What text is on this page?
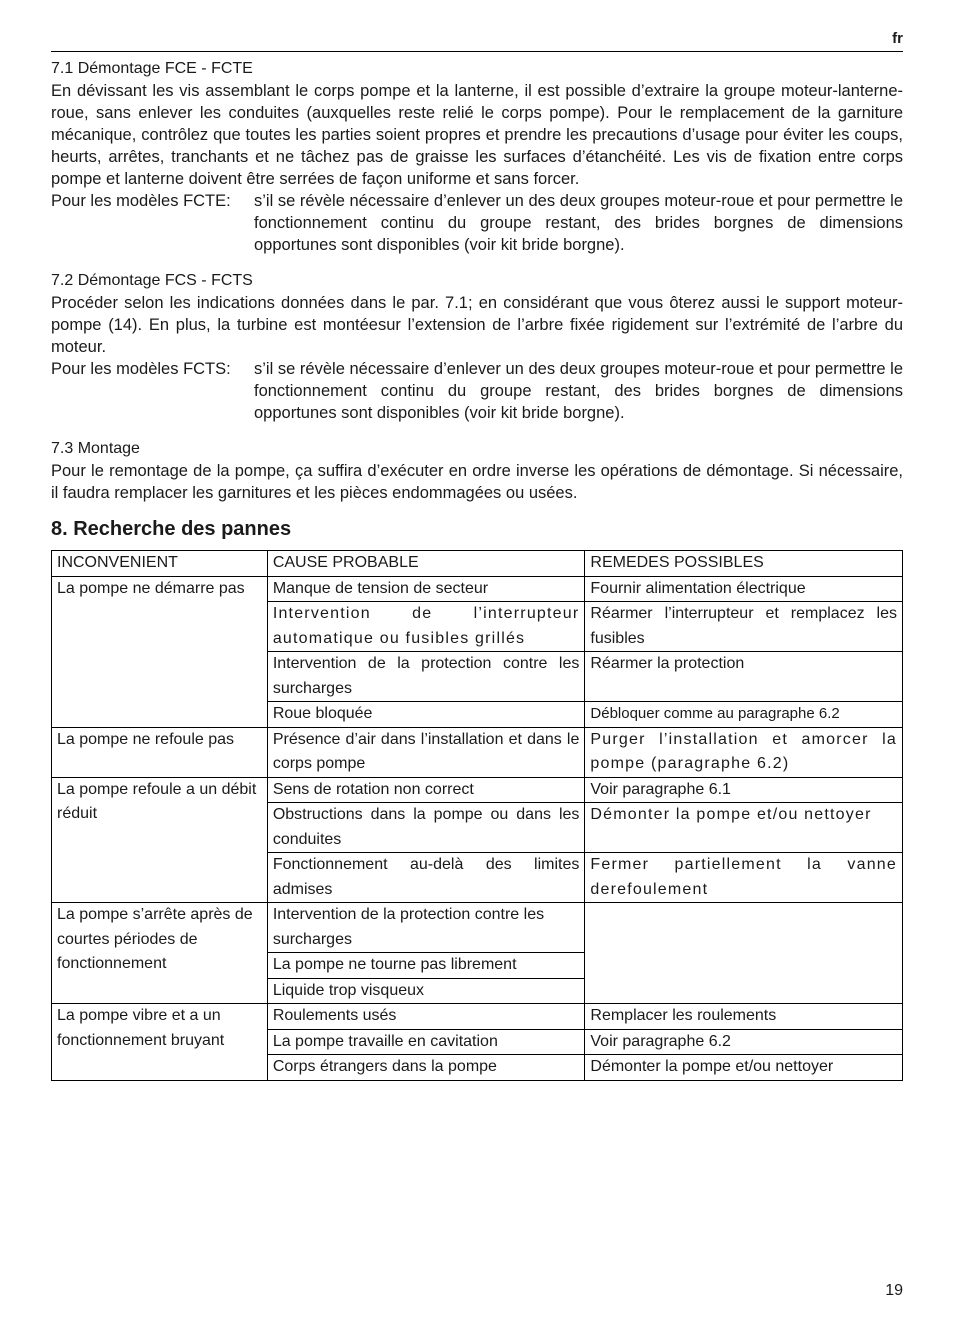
fr
7.1 Démontage FCE - FCTE

En dévissant les vis assemblant le corps pompe et la lanterne, il est possible d’extraire la groupe moteur-lanterne-roue, sans enlever les conduites (auxquelles reste relié le corps pompe). Pour le remplacement de la garniture mécanique, contrôlez que toutes les parties soient propres et prendre les precautions d’usage pour éviter les coups, heurts, arrêtes, tranchants et ne tâchez pas de graisse les surfaces d’étanchéité. Les vis de fixation entre corps pompe et lanterne doivent être serrées de façon uniforme et sans forcer.

Pour les modèles FCTE:	s’il se révèle nécessaire d’enlever un des deux groupes moteur-roue et pour permettre le fonctionnement continu du groupe restant, des brides borgnes de dimensions opportunes sont disponibles (voir kit bride borgne).
7.2 Démontage FCS - FCTS

Procéder selon les indications données dans le par. 7.1; en considérant que vous ôterez aussi le support moteur-pompe (14). En plus, la turbine est montéesur l’extension de l’arbre fixée rigidement sur l’extrémité de l’arbre du moteur.

Pour les modèles FCTS:	s’il se révèle nécessaire d’enlever un des deux groupes moteur-roue et pour permettre le fonctionnement continu du groupe restant, des brides borgnes de dimensions opportunes sont disponibles (voir kit bride borgne).
7.3 Montage

Pour le remontage de la pompe, ça suffira d’exécuter en ordre inverse les opérations de démontage. Si nécessaire, il faudra remplacer les garnitures et les pièces endommagées ou usées.

8. Recherche des pannes
INCONVENIENT	CAUSE PROBABLE	REMEDES POSSIBLES
La pompe ne démarre pas	Manque de tension de secteur	Fournir alimentation électrique
	Intervention de l’interrupteur automatique ou fusibles grillés	Réarmer l’interrupteur et remplacez les fusibles
	Intervention de la protection contre les surcharges	Réarmer la protection
	Roue bloquée	Débloquer comme au paragraphe 6.2
La pompe ne refoule pas	Présence d’air dans l’installation et dans le corps pompe	Purger l’installation et amorcer la pompe (paragraphe 6.2)
La pompe refoule a un débit réduit	Sens de rotation non correct	Voir paragraphe 6.1
	Obstructions dans la pompe ou dans les conduites	Démonter la pompe et/ou nettoyer
	Fonctionnement au-delà des limites admises	Fermer partiellement la vanne derefoulement
La pompe s’arrête après de courtes périodes de fonctionnement	Intervention de la protection contre les surcharges	
	La pompe ne tourne pas librement	
	Liquide trop visqueux	
La pompe vibre et a un fonctionnement bruyant	Roulements usés	Remplacer les roulements
	La pompe travaille en cavitation	Voir paragraphe 6.2
	Corps étrangers dans la pompe	Démonter la pompe et/ou nettoyer
19
